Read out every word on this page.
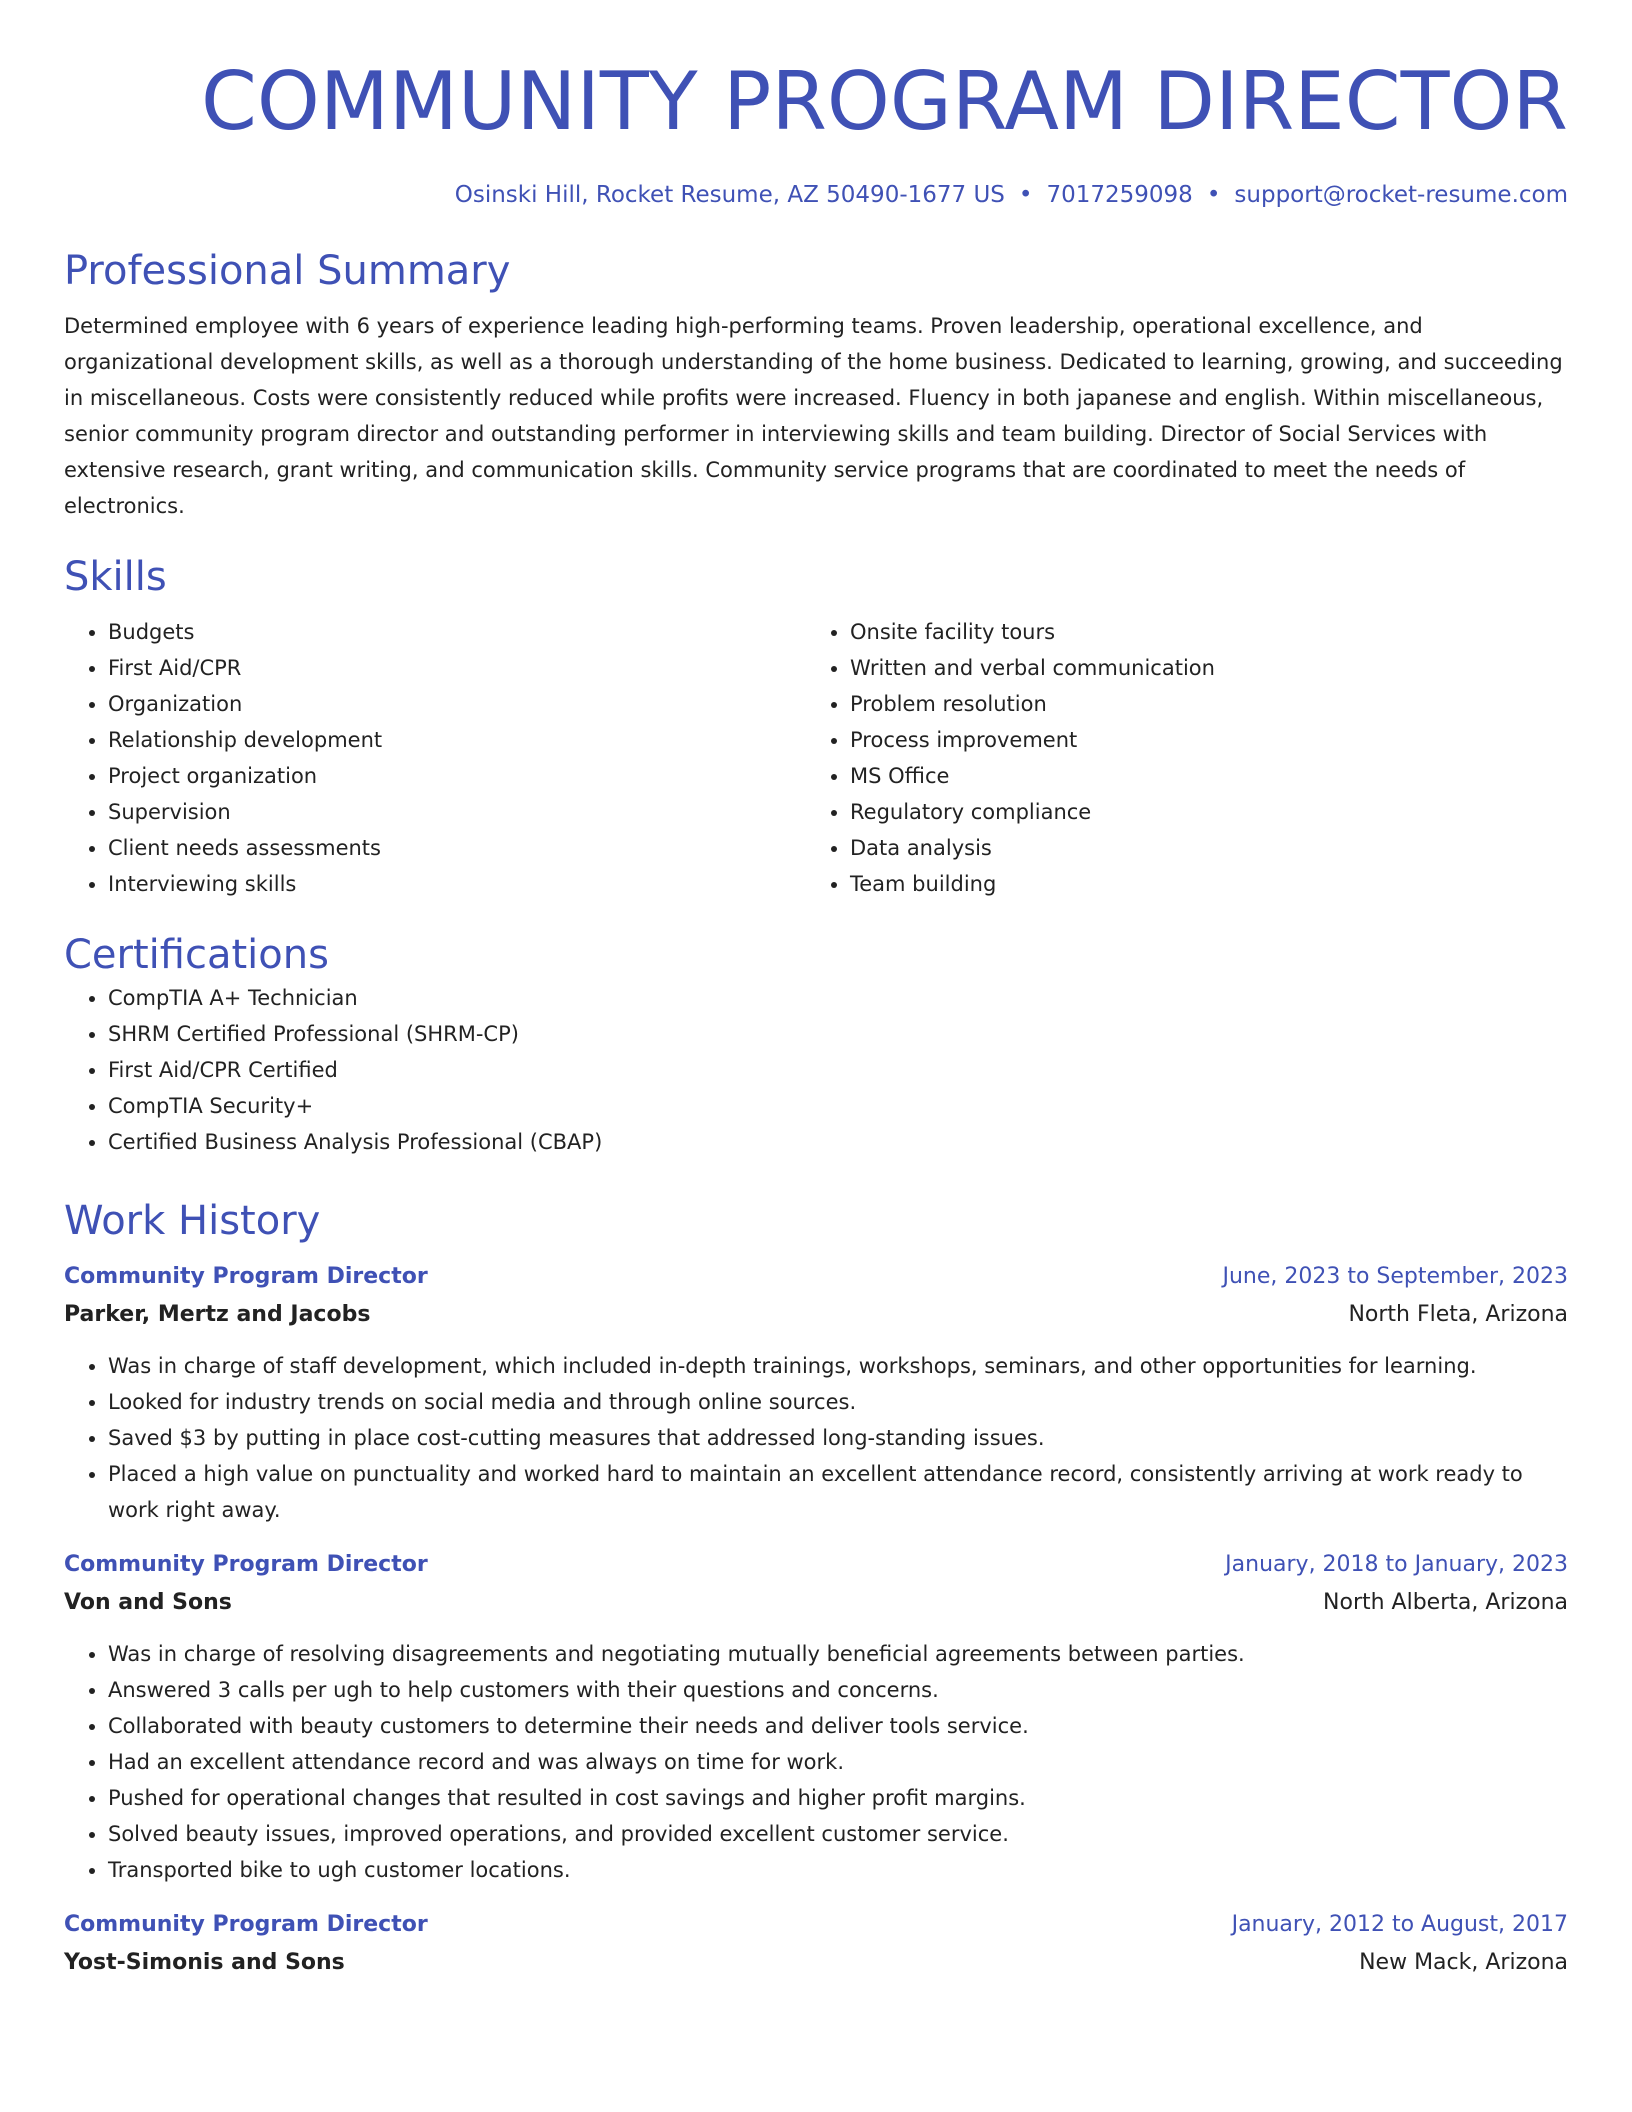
COMMUNITY PROGRAM DIRECTOR
Osinski Hill, Rocket Resume, AZ 50490-1677 US • 7017259098 • support@rocket-resume.com
Professional Summary
Determined employee with 6 years of experience leading high-performing teams. Proven leadership, operational excellence, and organizational development skills, as well as a thorough understanding of the home business. Dedicated to learning, growing, and succeeding in miscellaneous. Costs were consistently reduced while profits were increased. Fluency in both japanese and english. Within miscellaneous, senior community program director and outstanding performer in interviewing skills and team building. Director of Social Services with extensive research, grant writing, and communication skills. Community service programs that are coordinated to meet the needs of electronics.
Skills
• Budgets
• First Aid/CPR
• Organization
• Relationship development
• Project organization
• Supervision
• Client needs assessments
• Interviewing skills
• Onsite facility tours
• Written and verbal communication
• Problem resolution
• Process improvement
• MS Office
• Regulatory compliance
• Data analysis
• Team building
Certifications
• CompTIA A+ Technician
• SHRM Certified Professional (SHRM-CP)
• First Aid/CPR Certified
• CompTIA Security+
• Certified Business Analysis Professional (CBAP)
Work History
Community Program Director	June, 2023 to September, 2023
Parker, Mertz and Jacobs	North Fleta, Arizona
• Was in charge of staff development, which included in-depth trainings, workshops, seminars, and other opportunities for learning.
• Looked for industry trends on social media and through online sources.
• Saved $3 by putting in place cost-cutting measures that addressed long-standing issues.
• Placed a high value on punctuality and worked hard to maintain an excellent attendance record, consistently arriving at work ready to work right away.
Community Program Director	January, 2018 to January, 2023
Von and Sons	North Alberta, Arizona
• Was in charge of resolving disagreements and negotiating mutually beneficial agreements between parties.
• Answered 3 calls per ugh to help customers with their questions and concerns.
• Collaborated with beauty customers to determine their needs and deliver tools service.
• Had an excellent attendance record and was always on time for work.
• Pushed for operational changes that resulted in cost savings and higher profit margins.
• Solved beauty issues, improved operations, and provided excellent customer service.
• Transported bike to ugh customer locations.
Community Program Director	January, 2012 to August, 2017
Yost-Simonis and Sons	New Mack, Arizona
